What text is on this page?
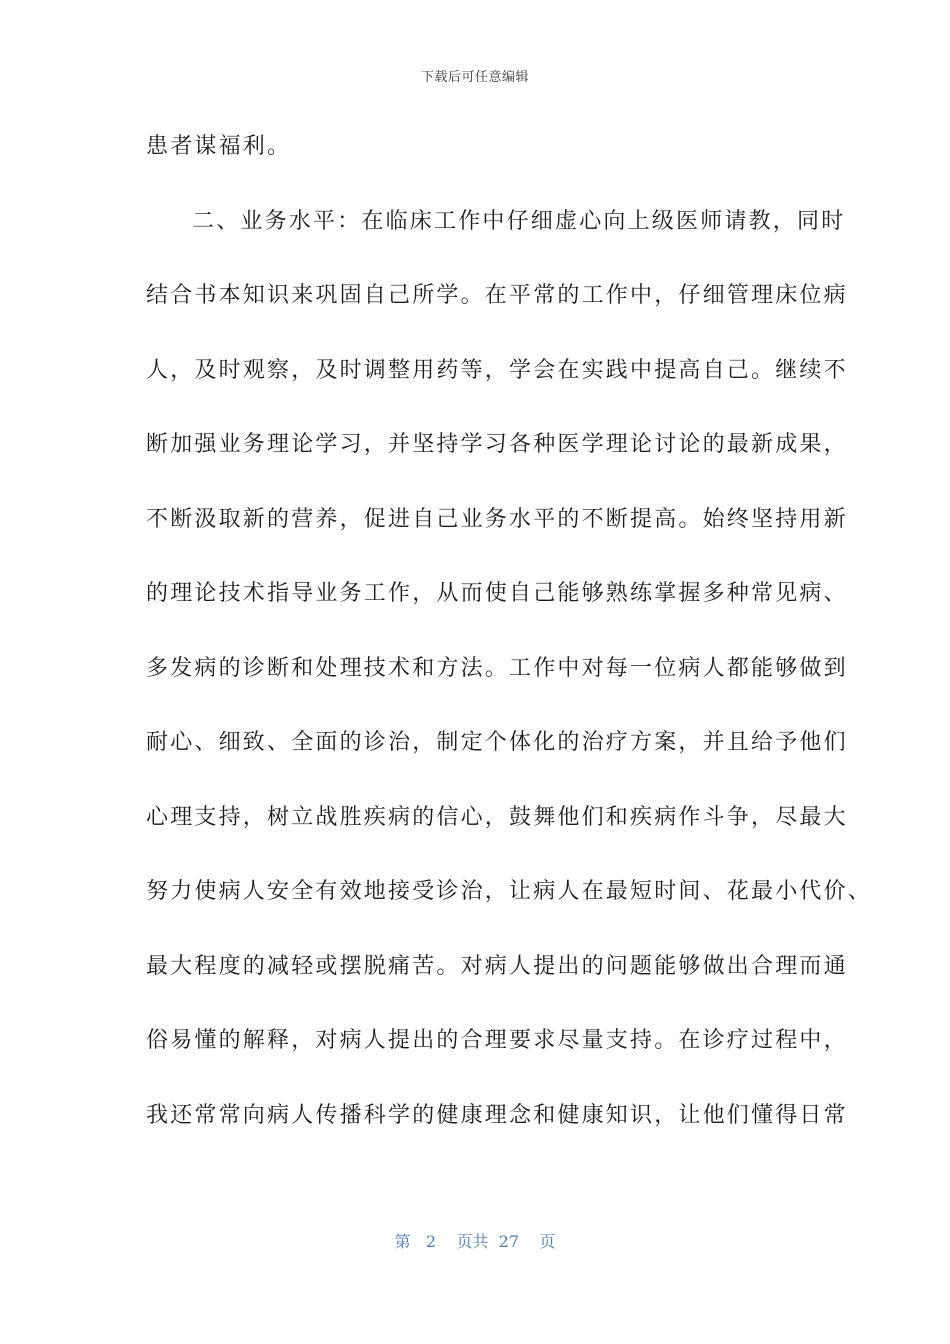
下载后可任意编辑
患者谋福利。
二、业务水平：在临床工作中仔细虚心向上级医师请教，同时
结合书本知识来巩固自己所学。在平常的工作中，仔细管理床位病
人，及时观察，及时调整用药等，学会在实践中提高自己。继续不
断加强业务理论学习，并坚持学习各种医学理论讨论的最新成果，
不断汲取新的营养，促进自己业务水平的不断提高。始终坚持用新
的理论技术指导业务工作，从而使自己能够熟练掌握多种常见病、
多发病的诊断和处理技术和方法。工作中对每一位病人都能够做到
耐心、细致、全面的诊治，制定个体化的治疗方案，并且给予他们
心理支持，树立战胜疾病的信心，鼓舞他们和疾病作斗争，尽最大
努力使病人安全有效地接受诊治，让病人在最短时间、花最小代价、
最大程度的减轻或摆脱痛苦。对病人提出的问题能够做出合理而通
俗易懂的解释，对病人提出的合理要求尽量支持。在诊疗过程中，
我还常常向病人传播科学的健康理念和健康知识，让他们懂得日常
第 2 页共 27 页
